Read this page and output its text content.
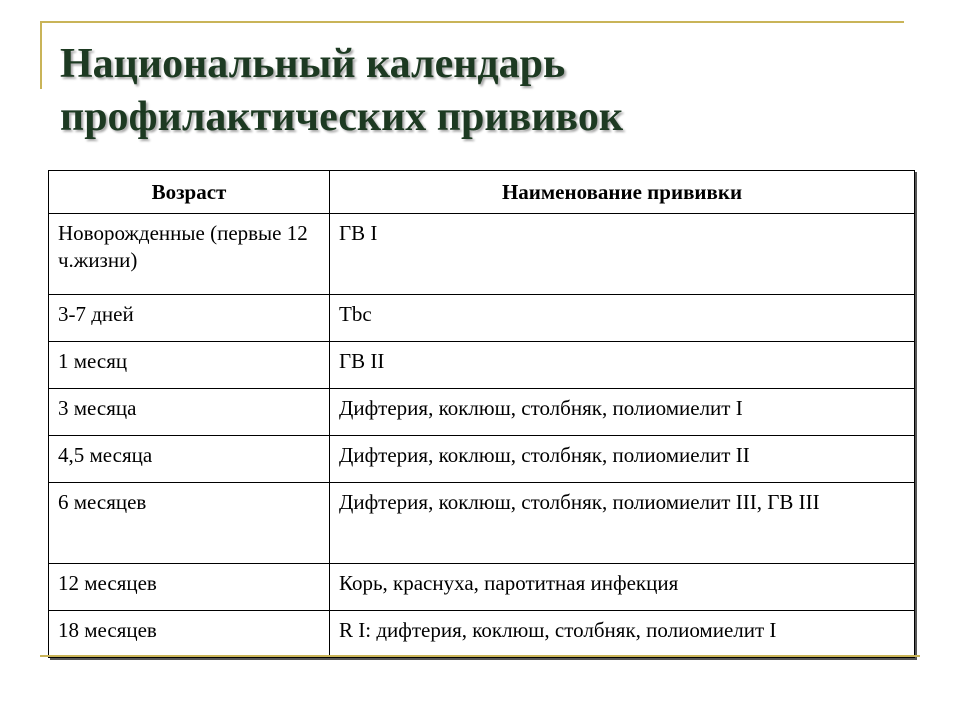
Национальный календарь
профилактических прививок
Возраст	Наименование прививки
Новорожденные (первые 12 ч.жизни)	ГВ I
3-7 дней	Tbc
1 месяц	ГВ II
3 месяца	Дифтерия, коклюш, столбняк, полиомиелит I
4,5 месяца	Дифтерия, коклюш, столбняк, полиомиелит II
6 месяцев	Дифтерия, коклюш, столбняк, полиомиелит III, ГВ III
12 месяцев	Корь, краснуха, паротитная инфекция
18 месяцев	R I: дифтерия, коклюш, столбняк, полиомиелит I
